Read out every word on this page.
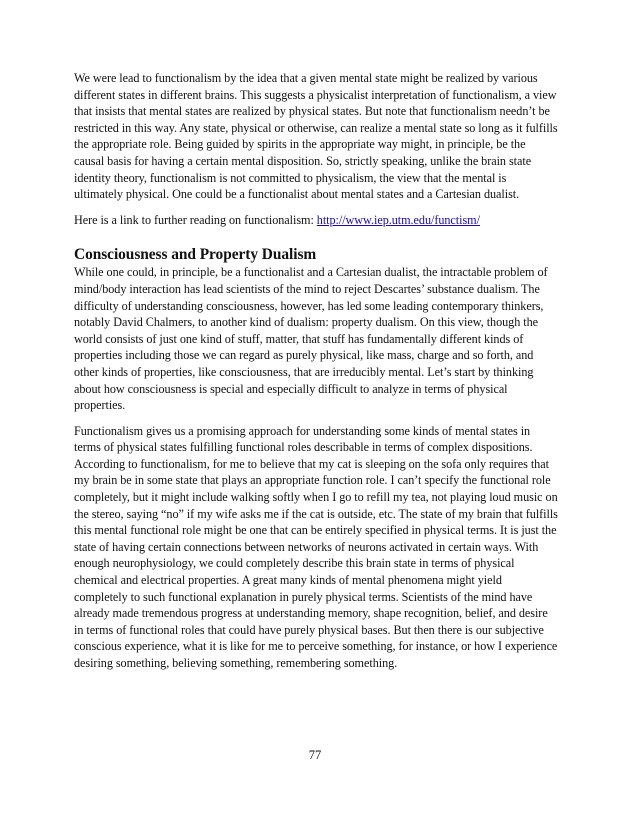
We were lead to functionalism by the idea that a given mental state might be realized by various different states in different brains. This suggests a physicalist interpretation of functionalism, a view that insists that mental states are realized by physical states. But note that functionalism needn’t be restricted in this way. Any state, physical or otherwise, can realize a mental state so long as it fulfills the appropriate role. Being guided by spirits in the appropriate way might, in principle, be the causal basis for having a certain mental disposition. So, strictly speaking, unlike the brain state identity theory, functionalism is not committed to physicalism, the view that the mental is ultimately physical. One could be a functionalist about mental states and a Cartesian dualist.

Here is a link to further reading on functionalism: http://www.iep.utm.edu/functism/

Consciousness and Property Dualism

While one could, in principle, be a functionalist and a Cartesian dualist, the intractable problem of mind/body interaction has lead scientists of the mind to reject Descartes’ substance dualism. The difficulty of understanding consciousness, however, has led some leading contemporary thinkers, notably David Chalmers, to another kind of dualism: property dualism. On this view, though the world consists of just one kind of stuff, matter, that stuff has fundamentally different kinds of properties including those we can regard as purely physical, like mass, charge and so forth, and other kinds of properties, like consciousness, that are irreducibly mental. Let’s start by thinking about how consciousness is special and especially difficult to analyze in terms of physical properties.

Functionalism gives us a promising approach for understanding some kinds of mental states in terms of physical states fulfilling functional roles describable in terms of complex dispositions. According to functionalism, for me to believe that my cat is sleeping on the sofa only requires that my brain be in some state that plays an appropriate function role. I can’t specify the functional role completely, but it might include walking softly when I go to refill my tea, not playing loud music on the stereo, saying “no” if my wife asks me if the cat is outside, etc. The state of my brain that fulfills this mental functional role might be one that can be entirely specified in physical terms. It is just the state of having certain connections between networks of neurons activated in certain ways. With enough neurophysiology, we could completely describe this brain state in terms of physical chemical and electrical properties. A great many kinds of mental phenomena might yield completely to such functional explanation in purely physical terms. Scientists of the mind have already made tremendous progress at understanding memory, shape recognition, belief, and desire in terms of functional roles that could have purely physical bases. But then there is our subjective conscious experience, what it is like for me to perceive something, for instance, or how I experience desiring something, believing something, remembering something.

77
